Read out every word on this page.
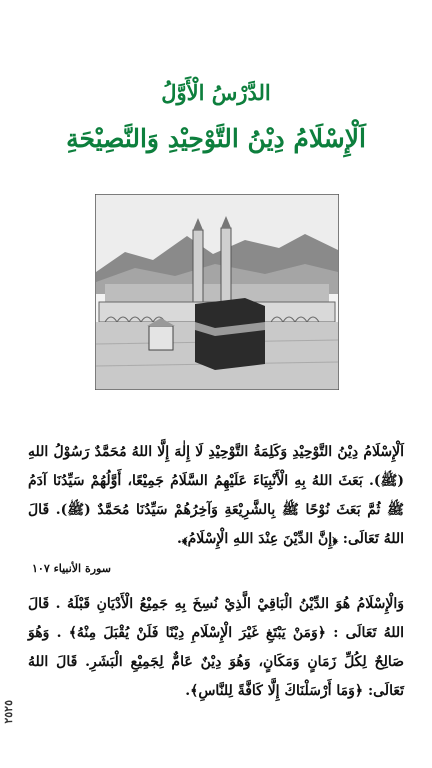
الدَّرْسُ الْأَوَّلُ
اَلْإِسْلَامُ دِيْنُ التَّوْحِيْدِ وَالنَّصِيْحَةِ
اَلْإِسْلَامُ دِيْنُ التَّوْحِيْدِ وَكَلِمَةُ التَّوْحِيْدِ لَا إِلٰهَ إِلَّا اللهُ مُحَمَّدٌ رَسُوْلُ اللهِ (ﷺ). بَعَثَ اللهُ بِهِ الْأَنْبِيَاءَ عَلَيْهِمُ السَّلَامُ جَمِيْعًا، أَوَّلُهُمْ سَيِّدُنَا آدَمُ ﷺ ثُمَّ بَعَثَ نُوْحًا ﷺ بِالشَّرِيْعَةِ وَآخِرُهُمْ سَيِّدُنَا مُحَمَّدٌ (ﷺ). قَالَ اللهُ تَعَالَى: ﴿إِنَّ الدِّيْنَ عِنْدَ اللهِ الْإِسْلَامُ﴾.
سورة الأنبياء ١٠٧
وَالْإِسْلَامُ هُوَ الدِّيْنُ الْبَاقِيْ الَّذِيْ نُسِخَ بِهِ جَمِيْعُ الْأَدْيَانِ قَبْلَهُ . قَالَ اللهُ تَعَالَى : ﴿وَمَنْ يَبْتَغِ غَيْرَ الْإِسْلَامِ دِيْنًا فَلَنْ يُقْبَلَ مِنْهُ﴾ . وَهُوَ صَالِحٌ لِكُلِّ زَمَانٍ وَمَكَانٍ، وَهُوَ دِيْنٌ عَامٌّ لِجَمِيْعِ الْبَشَرِ. قَالَ اللهُ تَعَالَى: ﴿وَمَا أَرْسَلْنَاكَ إِلَّا كَافَّةً لِلنَّاسِ﴾.
٢٥٢٥
